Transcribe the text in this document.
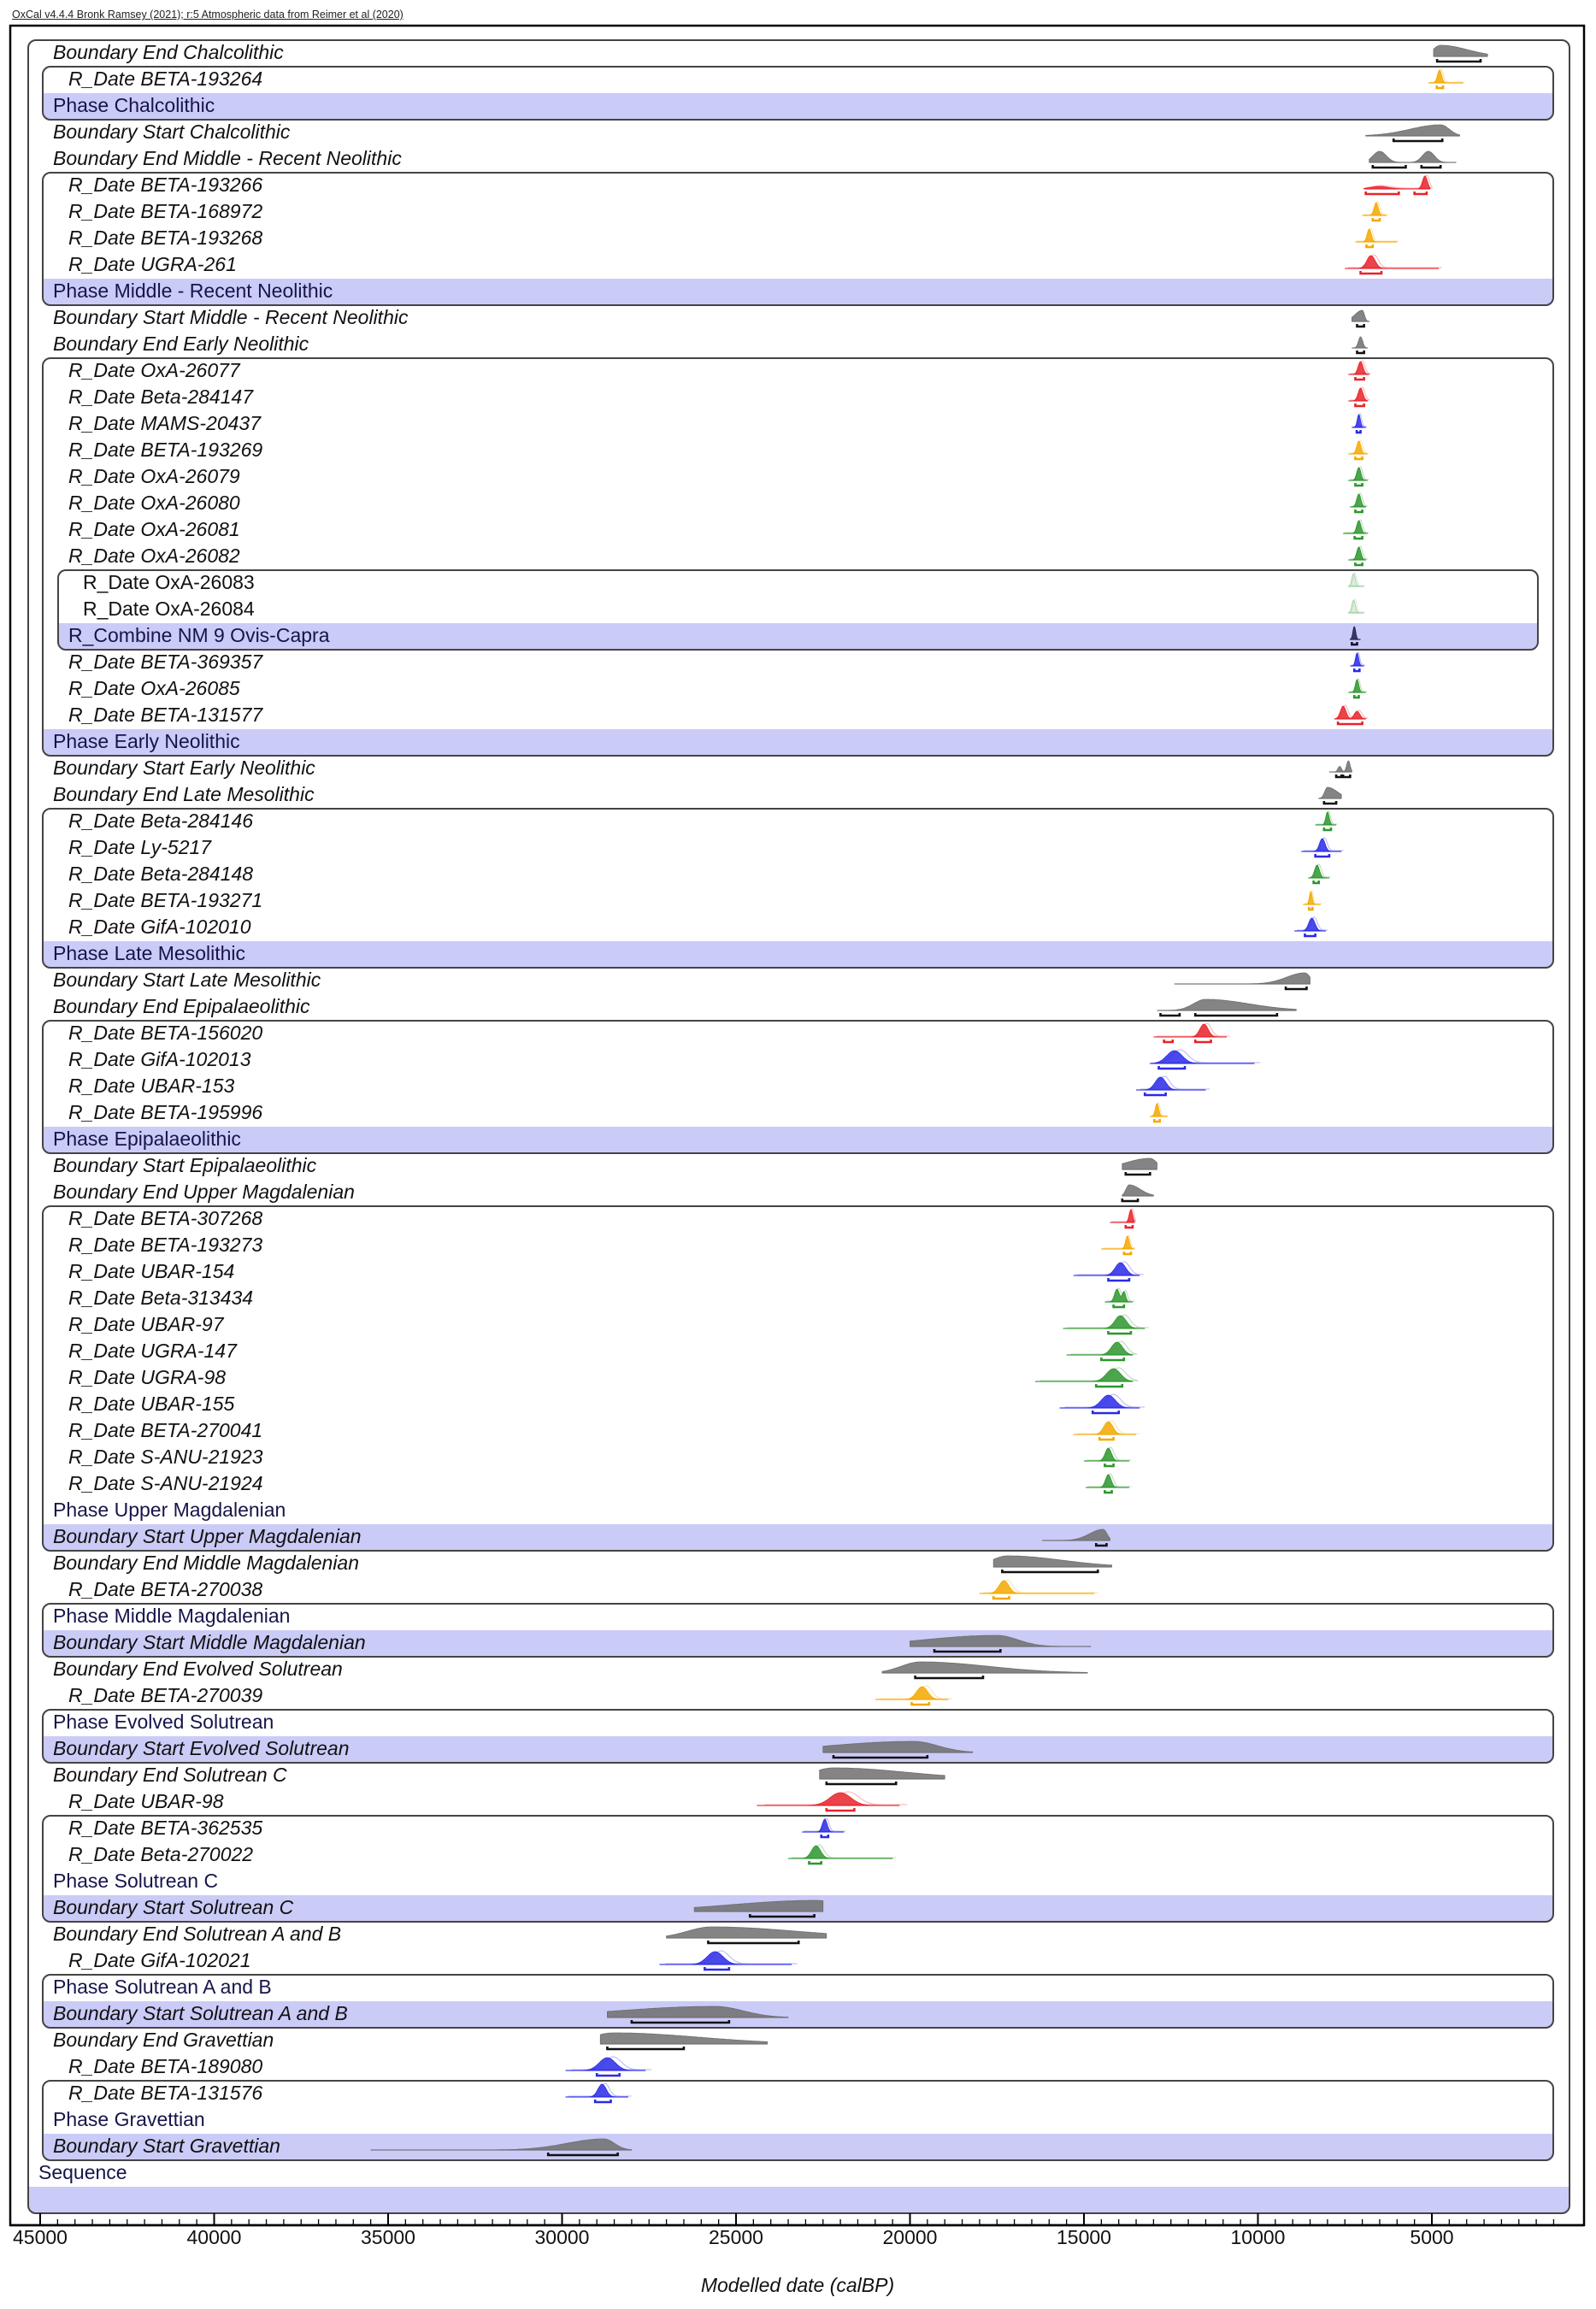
OxCal v4.4.4 Bronk Ramsey (2021); r:5 Atmospheric data from Reimer et al (2020)
Boundary End Chalcolithic
R_Date BETA-193264
Phase Chalcolithic
Boundary Start Chalcolithic
Boundary End Middle - Recent Neolithic
R_Date BETA-193266
R_Date BETA-168972
R_Date BETA-193268
R_Date UGRA-261
Phase Middle - Recent Neolithic
Boundary Start Middle - Recent Neolithic
Boundary End Early Neolithic
R_Date OxA-26077
R_Date Beta-284147
R_Date MAMS-20437
R_Date BETA-193269
R_Date OxA-26079
R_Date OxA-26080
R_Date OxA-26081
R_Date OxA-26082
R_Date OxA-26083
R_Date OxA-26084
R_Combine NM 9 Ovis-Capra
R_Date BETA-369357
R_Date OxA-26085
R_Date BETA-131577
Phase Early Neolithic
Boundary Start Early Neolithic
Boundary End Late Mesolithic
R_Date Beta-284146
R_Date Ly-5217
R_Date Beta-284148
R_Date BETA-193271
R_Date GifA-102010
Phase Late Mesolithic
Boundary Start Late Mesolithic
Boundary End Epipalaeolithic
R_Date BETA-156020
R_Date GifA-102013
R_Date UBAR-153
R_Date BETA-195996
Phase Epipalaeolithic
Boundary Start Epipalaeolithic
Boundary End Upper Magdalenian
R_Date BETA-307268
R_Date BETA-193273
R_Date UBAR-154
R_Date Beta-313434
R_Date UBAR-97
R_Date UGRA-147
R_Date UGRA-98
R_Date UBAR-155
R_Date BETA-270041
R_Date S-ANU-21923
R_Date S-ANU-21924
Phase Upper Magdalenian
Boundary Start Upper Magdalenian
Boundary End Middle Magdalenian
R_Date BETA-270038
Phase Middle Magdalenian
Boundary Start Middle Magdalenian
Boundary End Evolved Solutrean
R_Date BETA-270039
Phase Evolved Solutrean
Boundary Start Evolved Solutrean
Boundary End Solutrean C
R_Date UBAR-98
R_Date BETA-362535
R_Date Beta-270022
Phase Solutrean C
Boundary Start Solutrean C
Boundary End Solutrean A and B
R_Date GifA-102021
Phase Solutrean A and B
Boundary Start Solutrean A and B
Boundary End Gravettian
R_Date BETA-189080
R_Date BETA-131576
Phase Gravettian
Boundary Start Gravettian
Sequence
45000	40000	35000	30000	25000	20000	15000	10000	5000
Modelled date (calBP)
